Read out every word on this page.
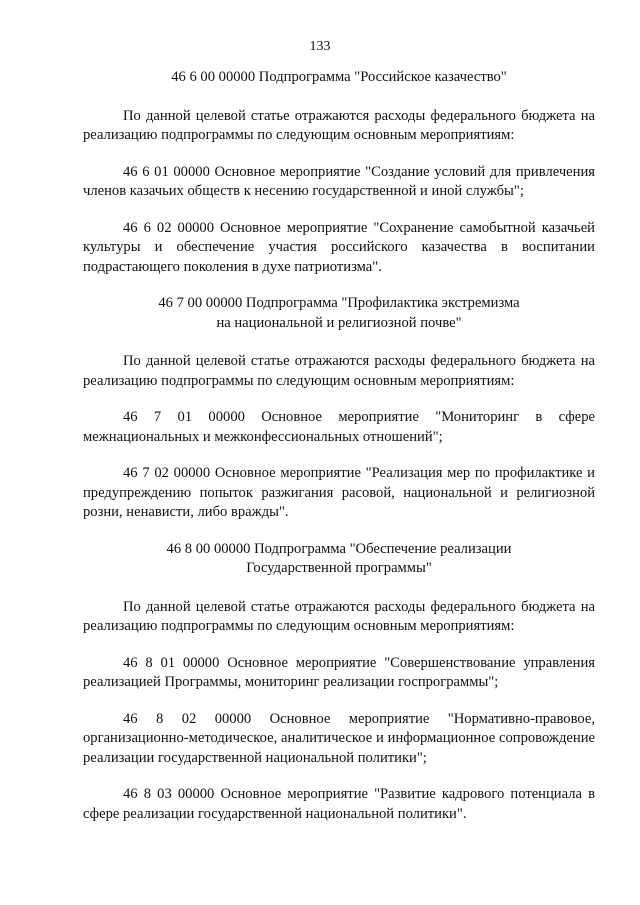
133

46 6 00 00000 Подпрограмма "Российское казачество"

По данной целевой статье отражаются расходы федерального бюджета на реализацию подпрограммы по следующим основным мероприятиям:

46 6 01 00000 Основное мероприятие "Создание условий для привлечения членов казачьих обществ к несению государственной и иной службы";

46 6 02 00000 Основное мероприятие "Сохранение самобытной казачьей культуры и обеспечение участия российского казачества в воспитании подрастающего поколения в духе патриотизма".

46 7 00 00000 Подпрограмма "Профилактика экстремизма
на национальной и религиозной почве"

По данной целевой статье отражаются расходы федерального бюджета на реализацию подпрограммы по следующим основным мероприятиям:

46 7 01 00000 Основное мероприятие "Мониторинг в сфере межнациональных и межконфессиональных отношений";

46 7 02 00000 Основное мероприятие "Реализация мер по профилактике и предупреждению попыток разжигания расовой, национальной и религиозной розни, ненависти, либо вражды".

46 8 00 00000 Подпрограмма "Обеспечение реализации
Государственной программы"

По данной целевой статье отражаются расходы федерального бюджета на реализацию подпрограммы по следующим основным мероприятиям:

46 8 01 00000 Основное мероприятие "Совершенствование управления реализацией Программы, мониторинг реализации госпрограммы";

46 8 02 00000 Основное мероприятие "Нормативно-правовое, организационно-методическое, аналитическое и информационное сопровождение реализации государственной национальной политики";

46 8 03 00000 Основное мероприятие "Развитие кадрового потенциала в сфере реализации государственной национальной политики".
